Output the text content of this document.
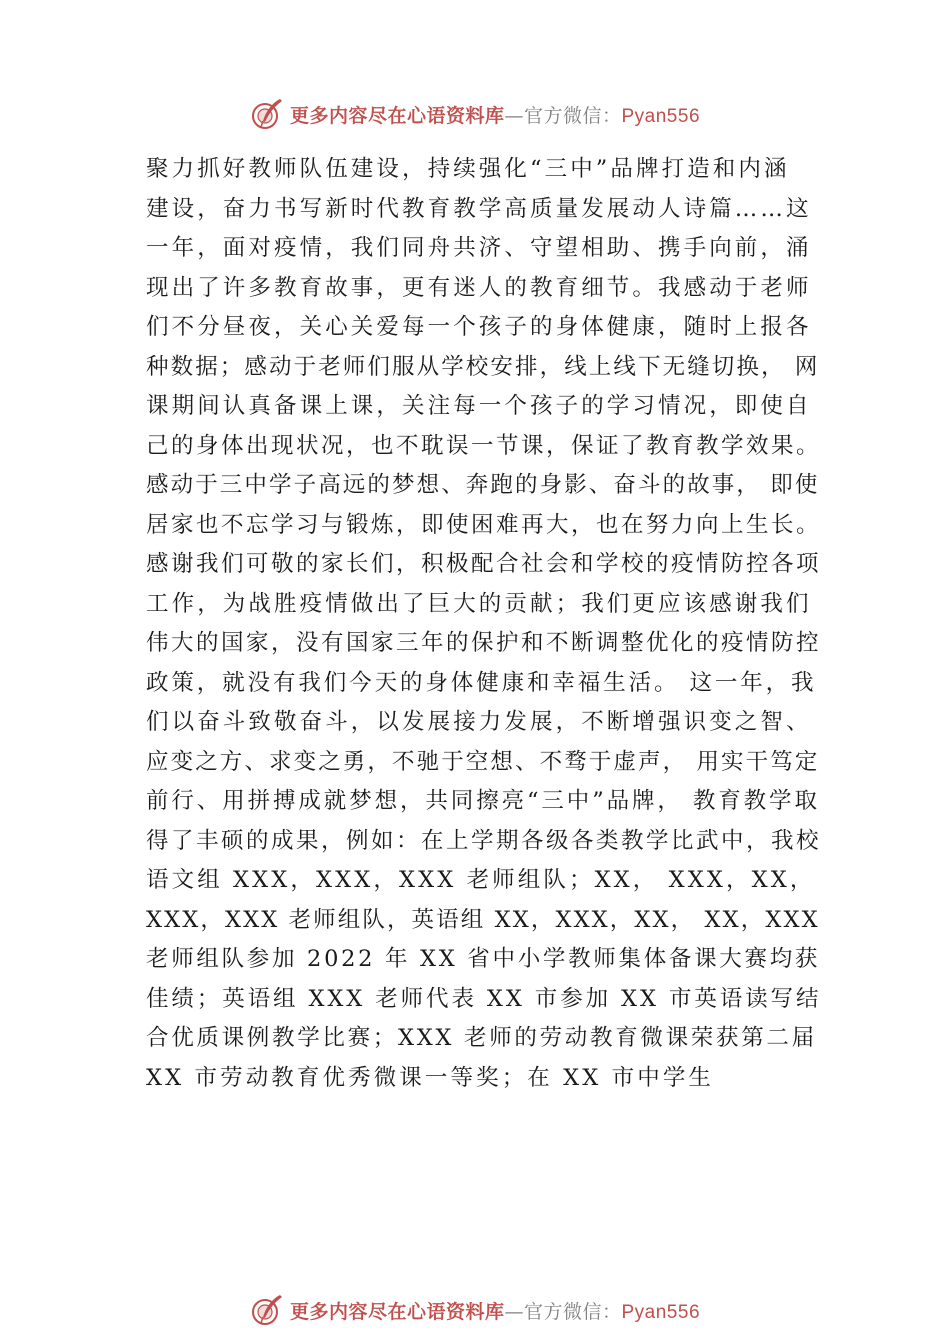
更多内容尽在心语资料库—官方微信：Pyan556
聚力抓好教师队伍建设，持续强化“三中”品牌打造和内涵
建设，奋力书写新时代教育教学高质量发展动人诗篇……这
一年，面对疫情，我们同舟共济、守望相助、携手向前，涌
现出了许多教育故事，更有迷人的教育细节。我感动于老师
们不分昼夜，关心关爱每一个孩子的身体健康，随时上报各
种数据；感动于老师们服从学校安排，线上线下无缝切换， 网
课期间认真备课上课，关注每一个孩子的学习情况，即使自
己的身体出现状况，也不耽误一节课，保证了教育教学效果。
感动于三中学子高远的梦想、奔跑的身影、奋斗的故事， 即使
居家也不忘学习与锻炼，即使困难再大，也在努力向上生长。
感谢我们可敬的家长们，积极配合社会和学校的疫情防控各项
工作，为战胜疫情做出了巨大的贡献；我们更应该感谢我们
伟大的国家，没有国家三年的保护和不断调整优化的疫情防控
政策，就没有我们今天的身体健康和幸福生活。 这一年，我
们以奋斗致敬奋斗，以发展接力发展，不断增强识变之智、
应变之方、求变之勇，不驰于空想、不骛于虚声， 用实干笃定
前行、用拼搏成就梦想，共同擦亮“三中”品牌， 教育教学取
得了丰硕的成果，例如：在上学期各级各类教学比武中，我校
语文组 XXX，XXX，XXX 老师组队；XX， XXX，XX，
XXX，XXX 老师组队，英语组 XX，XXX，XX， XX，XXX
老师组队参加 2022 年 XX 省中小学教师集体备课大赛均获
佳绩；英语组 XXX 老师代表 XX 市参加 XX 市英语读写结
合优质课例教学比赛；XXX 老师的劳动教育微课荣获第二届
XX 市劳动教育优秀微课一等奖；在 XX 市中学生
更多内容尽在心语资料库—官方微信：Pyan556
